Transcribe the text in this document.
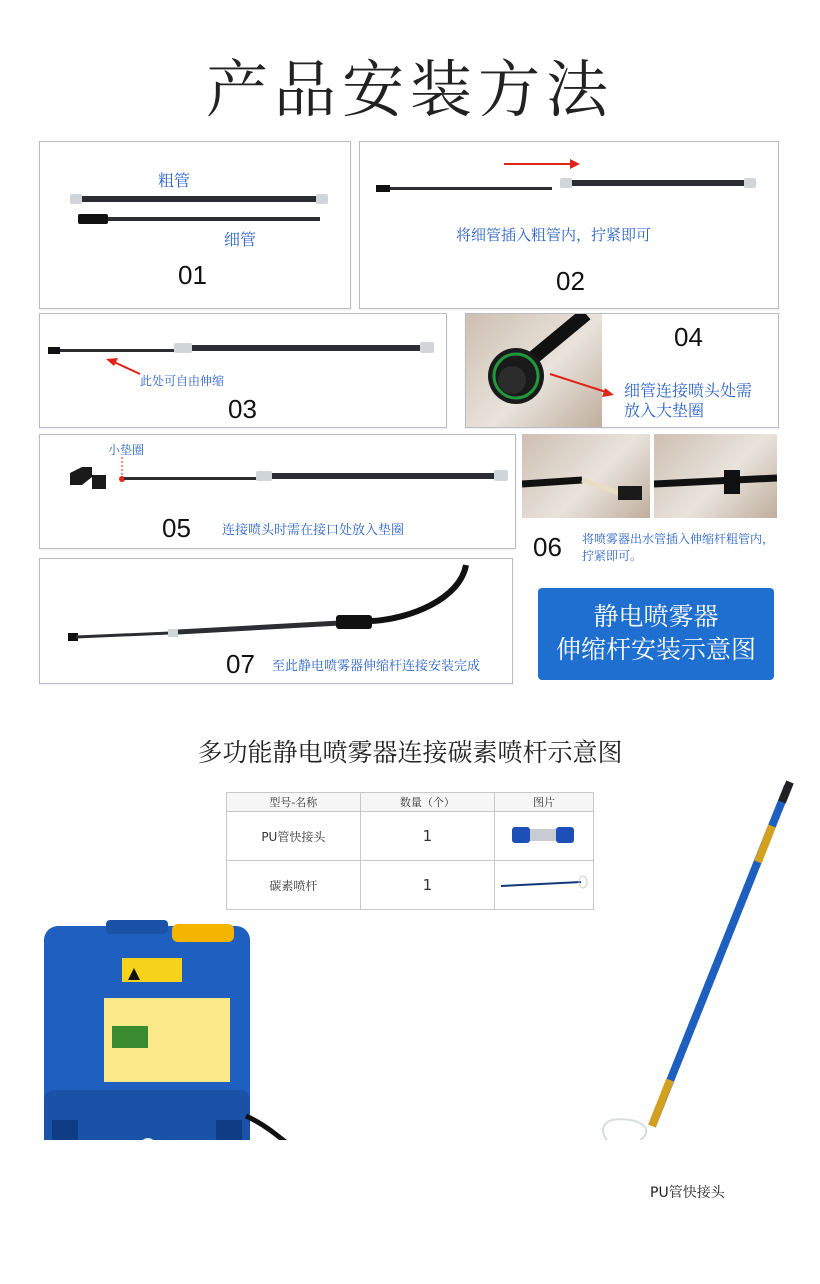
产品安装方法
粗管
细管
01
将细管插入粗管内，拧紧即可
02
此处可自由伸缩
03
04
细管连接喷头处需
放入大垫圈
小垫圈
05 连接喷头时需在接口处放入垫圈
06 将喷雾器出水管插入伸缩杆粗管内，
拧紧即可。
07 至此静电喷雾器伸缩杆连接安装完成
静电喷雾器
伸缩杆安装示意图
多功能静电喷雾器连接碳素喷杆示意图
型号-名称	数量（个）	图片
PU管快接头	1	
碳素喷杆	1	
PU管快接头
